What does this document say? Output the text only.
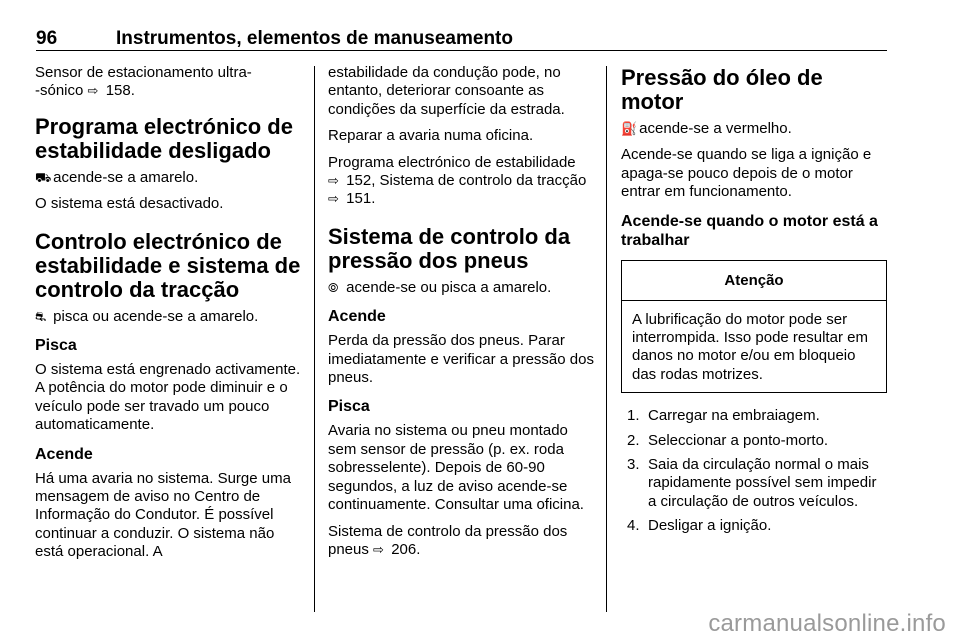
96	Instrumentos, elementos de manuseamento

Sensor de estacionamento ultra-
-sónico ⇨ 158.

Programa electrónico de estabilidade desligado

⛟ acende-se a amarelo.

O sistema está desactivado.

Controlo electrónico de estabilidade e sistema de controlo da tracção

⛐ pisca ou acende-se a amarelo.

Pisca

O sistema está engrenado activamente. A potência do motor pode diminuir e o veículo pode ser travado um pouco automaticamente.

Acende

Há uma avaria no sistema. Surge uma mensagem de aviso no Centro de Informação do Condutor. É possível continuar a conduzir. O sistema não está operacional. A

estabilidade da condução pode, no entanto, deteriorar consoante as condições da superfície da estrada.

Reparar a avaria numa oficina.

Programa electrónico de estabilidade
⇨ 152, Sistema de controlo da tracção ⇨ 151.

Sistema de controlo da pressão dos pneus

⦾ acende-se ou pisca a amarelo.

Acende

Perda da pressão dos pneus. Parar imediatamente e verificar a pressão dos pneus.

Pisca

Avaria no sistema ou pneu montado sem sensor de pressão (p. ex. roda sobresselente). Depois de 60-90 segundos, a luz de aviso acende-se continuamente. Consultar uma oficina.

Sistema de controlo da pressão dos pneus ⇨ 206.

Pressão do óleo de motor

⛽ acende-se a vermelho.

Acende-se quando se liga a ignição e apaga-se pouco depois de o motor entrar em funcionamento.

Acende-se quando o motor está a trabalhar
Atenção

A lubrificação do motor pode ser interrompida. Isso pode resultar em danos no motor e/ou em bloqueio das rodas motrizes.

1. Carregar na embraiagem.
2. Seleccionar a ponto-morto.
3. Saia da circulação normal o mais rapidamente possível sem impedir a circulação de outros veículos.
4. Desligar a ignição.
carmanualsonline.info
